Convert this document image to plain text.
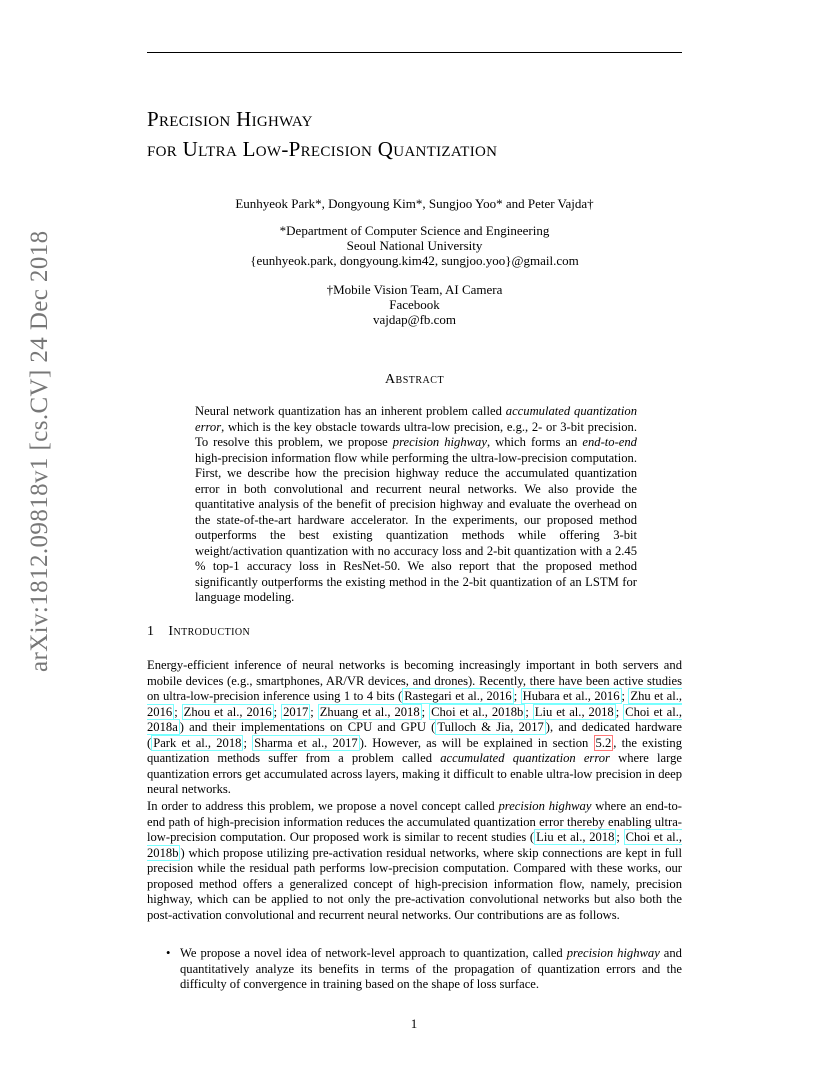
arXiv:1812.09818v1 [cs.CV] 24 Dec 2018
Precision Highway
for Ultra Low-Precision Quantization
Eunhyeok Park*, Dongyoung Kim*, Sungjoo Yoo* and Peter Vajda†
*Department of Computer Science and Engineering
Seoul National University
{eunhyeok.park, dongyoung.kim42, sungjoo.yoo}@gmail.com
†Mobile Vision Team, AI Camera
Facebook
vajdap@fb.com
Abstract
Neural network quantization has an inherent problem called accumulated quantization error, which is the key obstacle towards ultra-low precision, e.g., 2- or 3-bit precision. To resolve this problem, we propose precision highway, which forms an end-to-end high-precision information flow while performing the ultra-low-precision computation. First, we describe how the precision highway reduce the accumulated quantization error in both convolutional and recurrent neural networks. We also provide the quantitative analysis of the benefit of precision highway and evaluate the overhead on the state-of-the-art hardware accelerator. In the experiments, our proposed method outperforms the best existing quantization methods while offering 3-bit weight/activation quantization with no accuracy loss and 2-bit quantization with a 2.45 % top-1 accuracy loss in ResNet-50. We also report that the proposed method significantly outperforms the existing method in the 2-bit quantization of an LSTM for language modeling.
1 Introduction
Energy-efficient inference of neural networks is becoming increasingly important in both servers and mobile devices (e.g., smartphones, AR/VR devices, and drones). Recently, there have been active studies on ultra-low-precision inference using 1 to 4 bits ( Rastegari et al., 2016 ; Hubara et al., 2016 ; Zhu et al., 2016 ; Zhou et al., 2016 ; 2017 ; Zhuang et al., 2018 ; Choi et al., 2018b ; Liu et al., 2018 ; Choi et al., 2018a ) and their implementations on CPU and GPU ( Tulloch & Jia, 2017 ), and dedicated hardware ( Park et al., 2018 ; Sharma et al., 2017 ). However, as will be explained in section 5.2 , the existing quantization methods suffer from a problem called accumulated quantization error where large quantization errors get accumulated across layers, making it difficult to enable ultra-low precision in deep neural networks.
In order to address this problem, we propose a novel concept called precision highway where an end-to-end path of high-precision information reduces the accumulated quantization error thereby enabling ultra-low-precision computation. Our proposed work is similar to recent studies ( Liu et al., 2018 ; Choi et al., 2018b ) which propose utilizing pre-activation residual networks, where skip connections are kept in full precision while the residual path performs low-precision computation. Compared with these works, our proposed method offers a generalized concept of high-precision information flow, namely, precision highway, which can be applied to not only the pre-activation convolutional networks but also both the post-activation convolutional and recurrent neural networks. Our contributions are as follows.
• We propose a novel idea of network-level approach to quantization, called precision highway and quantitatively analyze its benefits in terms of the propagation of quantization errors and the difficulty of convergence in training based on the shape of loss surface.
1
